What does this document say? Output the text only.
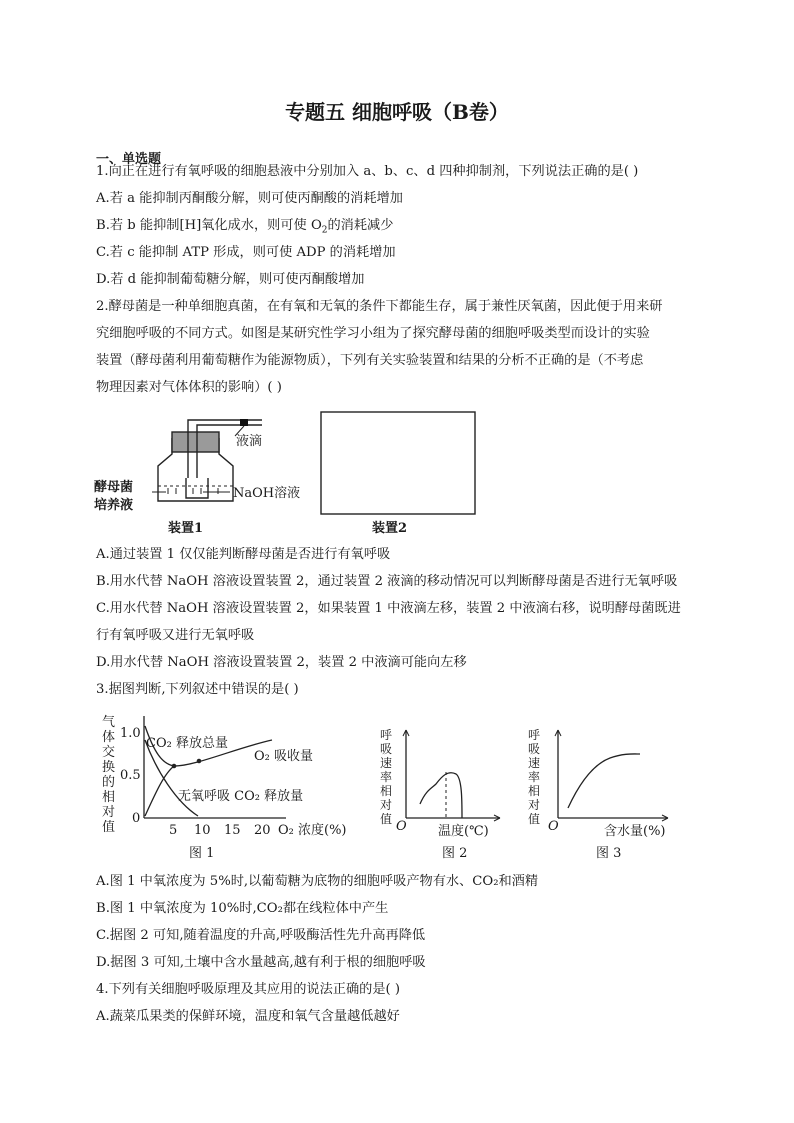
专题五 细胞呼吸（B卷）
一、单选题
1.向正在进行有氧呼吸的细胞悬液中分别加入 a、b、c、d 四种抑制剂，下列说法正确的是( )
A.若 a 能抑制丙酮酸分解，则可使丙酮酸的消耗增加
B.若 b 能抑制[H]氧化成水，则可使 $O_2$的消耗减少
C.若 c 能抑制 ATP 形成，则可使 ADP 的消耗增加
D.若 d 能抑制葡萄糖分解，则可使丙酮酸增加
2.酵母菌是一种单细胞真菌，在有氧和无氧的条件下都能生存，属于兼性厌氧菌，因此便于用来研
究细胞呼吸的不同方式。如图是某研究性学习小组为了探究酵母菌的细胞呼吸类型而设计的实验
装置（酵母菌利用葡萄糖作为能源物质），下列有关实验装置和结果的分析不正确的是（不考虑
物理因素对气体体积的影响）( )
液滴
酵母菌
培养液
NaOH溶液
装置1	装置2
A.通过装置 1 仅仅能判断酵母菌是否进行有氧呼吸
B.用水代替 NaOH 溶液设置装置 2，通过装置 2 液滴的移动情况可以判断酵母菌是否进行无氧呼吸
C.用水代替 NaOH 溶液设置装置 2，如果装置 1 中液滴左移，装置 2 中液滴右移，说明酵母菌既进
行有氧呼吸又进行无氧呼吸
D.用水代替 NaOH 溶液设置装置 2，装置 2 中液滴可能向左移
3.据图判断,下列叙述中错误的是( )
气
体
交
换
的
相
对
值
1.0
0.5
0
5 10 15 20 O₂ 浓度(%)
CO₂ 释放总量
O₂ 吸收量
无氧呼吸 CO₂ 释放量
图 1
呼
吸
速
率
相
对
值 O 温度(℃)
图 2
呼
吸
速
率
相
对
值 O	含水量(%)
图 3
A.图 1 中氧浓度为 5%时,以葡萄糖为底物的细胞呼吸产物有水、CO₂和酒精
B.图 1 中氧浓度为 10%时,CO₂都在线粒体中产生
C.据图 2 可知,随着温度的升高,呼吸酶活性先升高再降低
D.据图 3 可知,土壤中含水量越高,越有利于根的细胞呼吸
4.下列有关细胞呼吸原理及其应用的说法正确的是( )
A.蔬菜瓜果类的保鲜环境，温度和氧气含量越低越好
